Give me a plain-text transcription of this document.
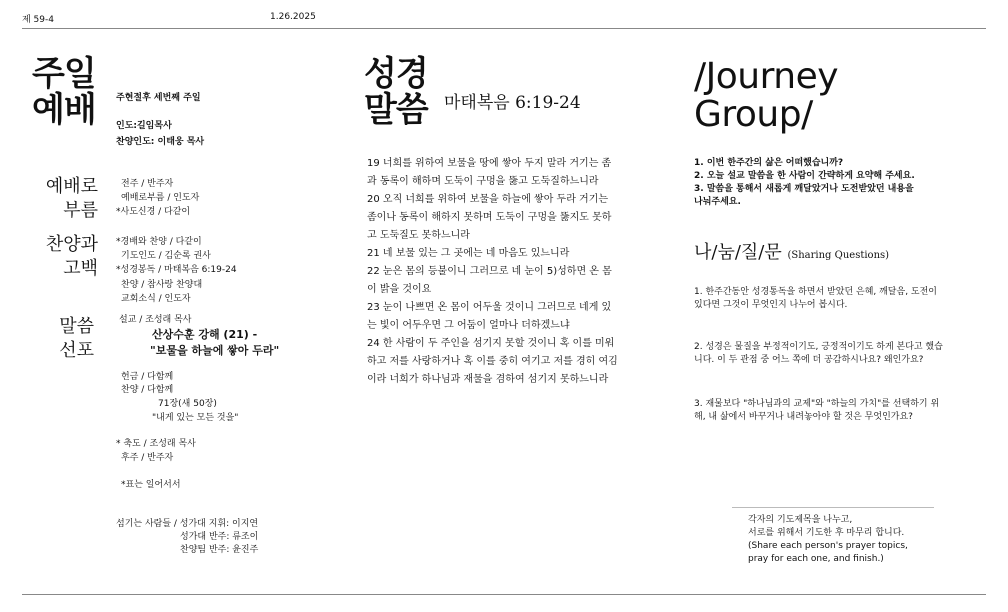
제 59-4	1.26.2025
주일
예배 주현절후 세번째 주일
인도:길임목사
찬양인도: 이태웅 목사
예배로
부름
찬양과
고백
말씀
선포
전주 / 반주자
예배로부름 / 인도자
*사도신경 / 다같이
*경배와 찬양 / 다같이
기도인도 / 김순록 권사
*성경봉독 / 마태복음 6:19-24
찬양 / 참사랑 찬양대
교회소식 / 인도자
설교 / 조성래 목사
산상수훈 강해 (21) -
"보물을 하늘에 쌓아 두라"
헌금 / 다함께
찬양 / 다함께
71장(새 50장)
"내게 있는 모든 것을"
* 축도 / 조성래 목사
후주 / 반주자
*표는 일어서서
섬기는 사람들 / 성가대 지휘: 이지연
성가대 반주: 류조이
찬양팀 반주: 윤진주
성경
말씀 마태복음 6:19-24
19 너희를 위하여 보물을 땅에 쌓아 두지 말라 거기는 좀
과 동록이 해하며 도둑이 구멍을 뚫고 도둑질하느니라
20 오직 너희를 위하여 보물을 하늘에 쌓아 두라 거기는
좀이나 동록이 해하지 못하며 도둑이 구멍을 뚫지도 못하
고 도둑질도 못하느니라
21 네 보물 있는 그 곳에는 네 마음도 있느니라
22 눈은 몸의 등불이니 그러므로 네 눈이 5)성하면 온 몸
이 밝을 것이요
23 눈이 나쁘면 온 몸이 어두울 것이니 그러므로 네게 있
는 빛이 어두우면 그 어둠이 얼마나 더하겠느냐
24 한 사람이 두 주인을 섬기지 못할 것이니 혹 이를 미워
하고 저를 사랑하거나 혹 이를 중히 여기고 저를 경히 여김
이라 너희가 하나님과 재물을 겸하여 섬기지 못하느니라
/Journey
Group/
1. 이번 한주간의 삶은 어떠했습니까?
2. 오늘 설교 말씀을 한 사람이 간략하게 요약해 주세요.
3. 말씀을 통해서 새롭게 깨달았거나 도전받았던 내용을
나눠주세요.
나/눔/질/문 (Sharing Questions)
1. 한주간동안 성경통독을 하면서 받았던 은혜, 깨달음, 도전이
있다면 그것이 무엇인지 나누어 봅시다.
2. 성경은 물질을 부정적이기도, 긍정적이기도 하게 본다고 했습
니다. 이 두 관점 중 어느 쪽에 더 공감하시나요? 왜인가요?
3. 재물보다 "하나님과의 교제"와 "하늘의 가치"를 선택하기 위
해, 내 삶에서 바꾸거나 내려놓아야 할 것은 무엇인가요?
각자의 기도제목을 나누고,
서로를 위해서 기도한 후 마무리 합니다.
(Share each person's prayer topics,
pray for each one, and finish.)
